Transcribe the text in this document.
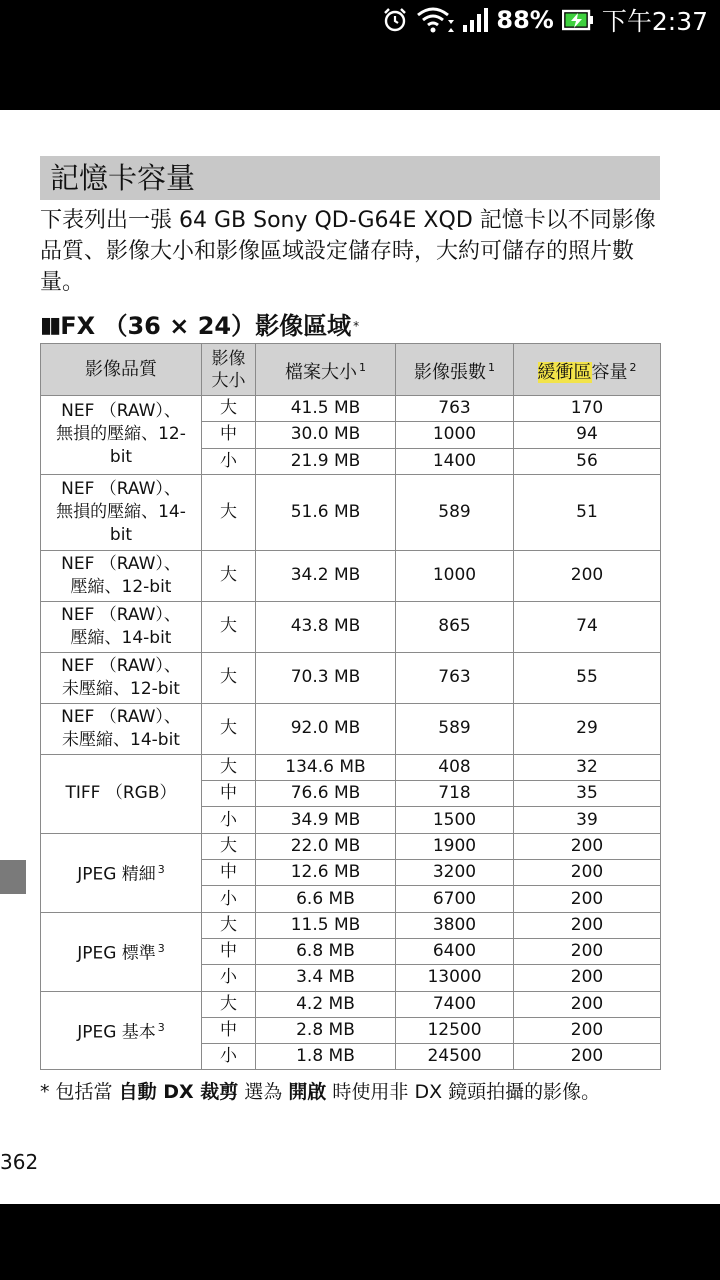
88% 下午2:37
記憶卡容量
下表列出一張 64 GB Sony QD-G64E XQD 記憶卡以不同影像品質、影像大小和影像區域設定儲存時，大約可儲存的照片數量。
▮▮ FX （36 × 24）影像區域 *
影像品質	影像大小	檔案大小 $^1$	影像張數 $^1$	緩衝區容量 $^2$
NEF （RAW）、無損的壓縮、12-bit	大	41.5 MB	763	170
	中	30.0 MB	1000	94
	小	21.9 MB	1400	56
NEF （RAW）、無損的壓縮、14-bit	大	51.6 MB	589	51
NEF （RAW）、壓縮、12-bit	大	34.2 MB	1000	200
NEF （RAW）、壓縮、14-bit	大	43.8 MB	865	74
NEF （RAW）、未壓縮、12-bit	大	70.3 MB	763	55
NEF （RAW）、未壓縮、14-bit	大	92.0 MB	589	29
TIFF （RGB）	大	134.6 MB	408	32
	中	76.6 MB	718	35
	小	34.9 MB	1500	39
JPEG 精細 $^3$	大	22.0 MB	1900	200
	中	12.6 MB	3200	200
	小	6.6 MB	6700	200
JPEG 標準 $^3$	大	11.5 MB	3800	200
	中	6.8 MB	6400	200
	小	3.4 MB	13000	200
JPEG 基本 $^3$	大	4.2 MB	7400	200
	中	2.8 MB	12500	200
	小	1.8 MB	24500	200
* 包括當 自動 DX 裁剪 選為 開啟 時使用非 DX 鏡頭拍攝的影像。
362
